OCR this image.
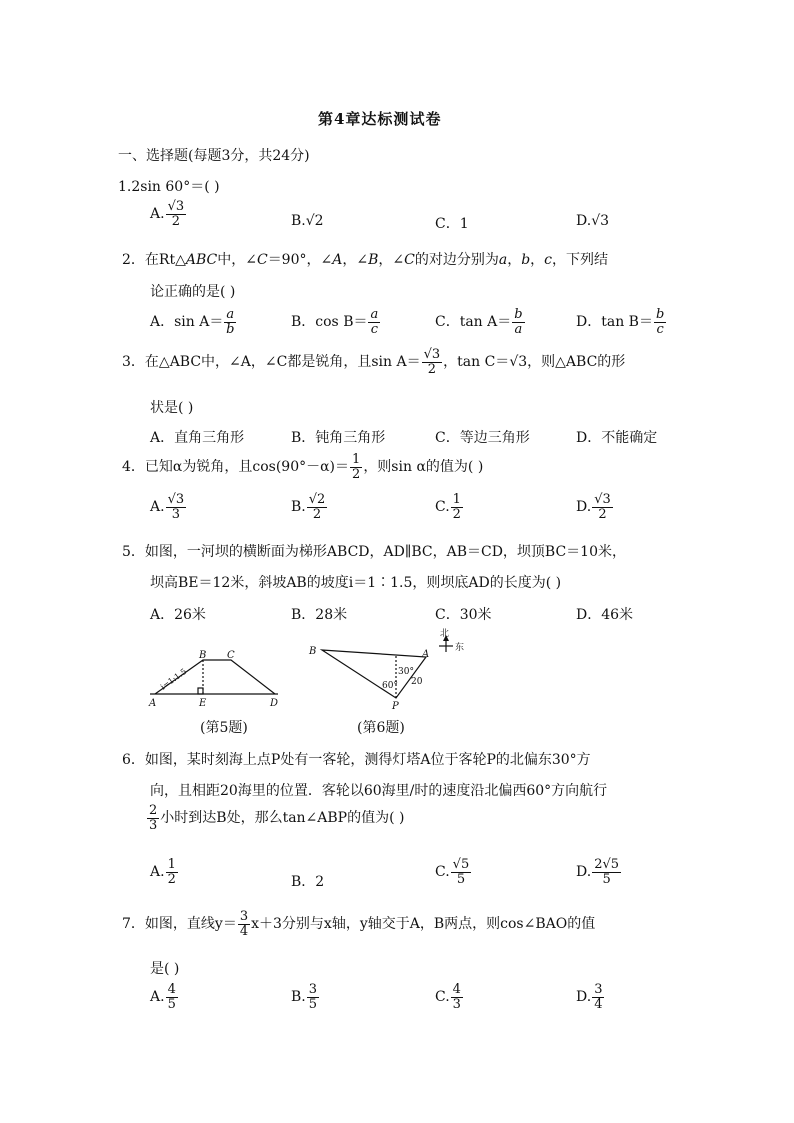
第4章达标测试卷
一、选择题(每题3分，共24分)
1.2sin 60°＝( )
A. $\frac{√3}{2}$	B.√2	C．1	D.√3
2．在Rt△ABC中，∠C＝90°，∠A，∠B，∠C的对边分别为a，b，c，下列结
论正确的是( )
A．$\sin A= \frac{a}{b}$	B．$\cos B= \frac{a}{c}$	C．$\tan A= \frac{b}{a}$	D．$\tan B= \frac{b}{c}$
3．在△ABC中，∠A，∠C都是锐角，且$\sin A= \frac{√3}{2}$ ，tan C＝√3，则△ABC的形
状是( )
A．直角三角形	B．钝角三角形	C．等边三角形	D．不能确定
4．已知α为锐角，且$\cos(90^\circ-\alpha)= \frac{1}{2}$ ，则sin α的值为( )
A. $\frac{√3}{3}$	B. $\frac{√2}{2}$	C. $\frac{1}{2}$	D. $\frac{√3}{2}$
5．如图，一河坝的横断面为梯形ABCD，AD∥BC，AB＝CD，坝顶BC＝10米，
坝高BE＝12米，斜坡AB的坡度i＝1∶1.5，则坝底AD的长度为( )
A．26米	B．28米	C．30米	D．46米
B C
A	E	D
i=1:1.5
(第5题)
北
东
30°
60° 20
B	A
P
(第6题)
6．如图，某时刻海上点P处有一客轮，测得灯塔A位于客轮P的北偏东30°方
向，且相距20海里的位置．客轮以60海里/时的速度沿北偏西60°方向航行
$\frac{2}{3}$ 小时到达B处，那么tan∠ABP的值为( )
A. $\frac{1}{2}$	B．2
C. $\frac{√5}{5}$	D. $\frac{2√5}{5}$
7．如图，直线$y= \frac{3}{4} x+3$分别与x轴，y轴交于A，B两点，则cos∠BAO的值
是( )
A. $\frac{4}{5}$	B. $\frac{3}{5}$	C. $\frac{4}{3}$	D. $\frac{3}{4}$
